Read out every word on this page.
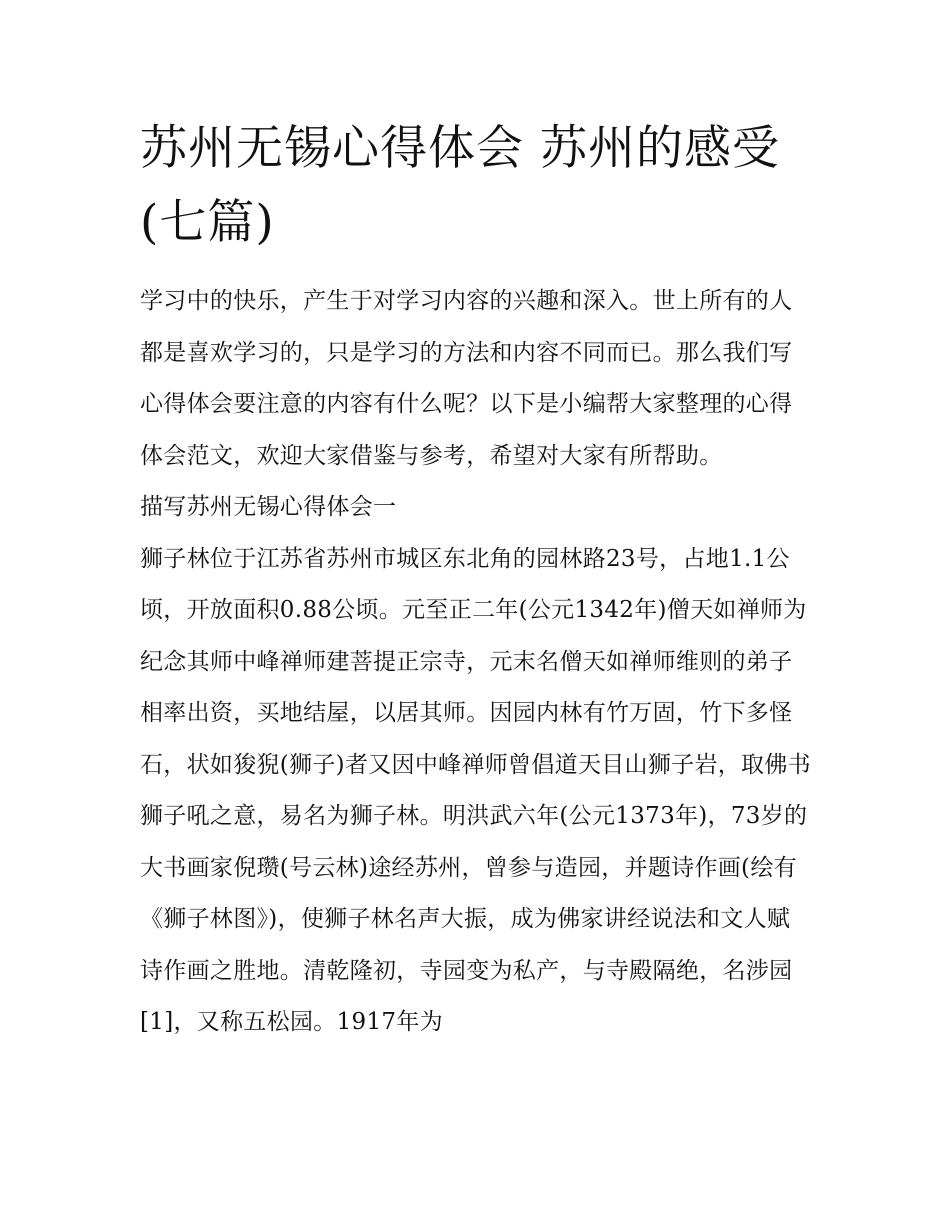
苏州无锡心得体会 苏州的感受(七篇)

学习中的快乐，产生于对学习内容的兴趣和深入。世上所有的人都是喜欢学习的，只是学习的方法和内容不同而已。那么我们写心得体会要注意的内容有什么呢？以下是小编帮大家整理的心得体会范文，欢迎大家借鉴与参考，希望对大家有所帮助。

描写苏州无锡心得体会一

狮子林位于江苏省苏州市城区东北角的园林路23号，占地1.1公顷，开放面积0.88公顷。元至正二年(公元1342年)僧天如禅师为纪念其师中峰禅师建菩提正宗寺，元末名僧天如禅师维则的弟子相率出资，买地结屋，以居其师。因园内林有竹万固，竹下多怪石，状如狻猊(狮子)者又因中峰禅师曾倡道天目山狮子岩，取佛书狮子吼之意，易名为狮子林。明洪武六年(公元1373年)，73岁的大书画家倪瓒(号云林)途经苏州，曾参与造园，并题诗作画(绘有《狮子林图》)，使狮子林名声大振，成为佛家讲经说法和文人赋诗作画之胜地。清乾隆初，寺园变为私产，与寺殿隔绝，名涉园[1]，又称五松园。1917年为
